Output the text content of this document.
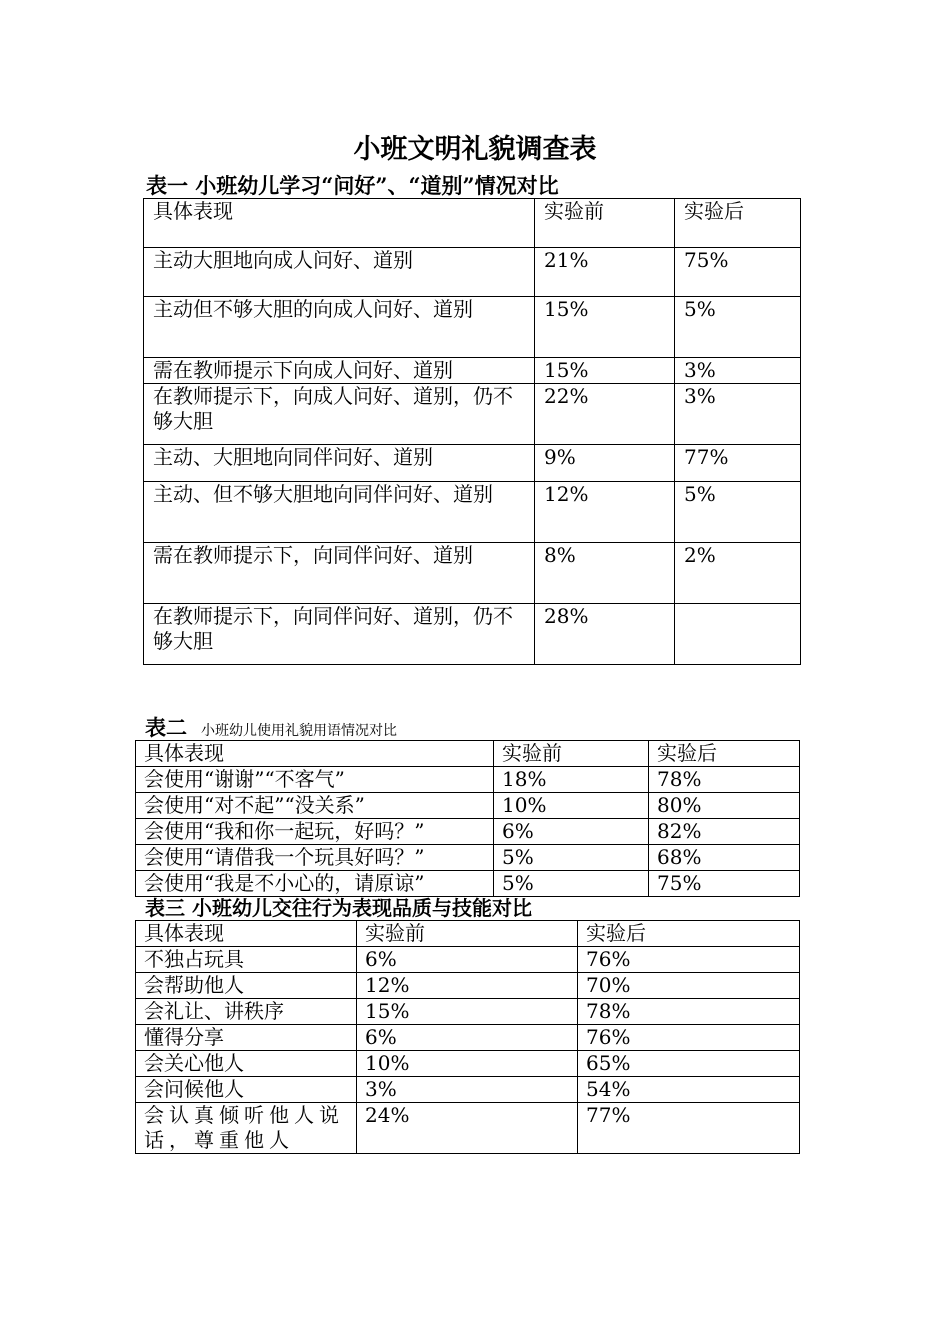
小班文明礼貌调查表
表一 小班幼儿学习“问好”、“道别”情况对比
具体表现	实验前	实验后
主动大胆地向成人问好、道别	21%	75%
主动但不够大胆的向成人问好、道别	15%	5%
需在教师提示下向成人问好、道别	15%	3%
在教师提示下，向成人问好、道别，仍不够大胆	22%	3%
主动、大胆地向同伴问好、道别	9%	77%
主动、但不够大胆地向同伴问好、道别	12%	5%
需在教师提示下，向同伴问好、道别	8%	2%
在教师提示下，向同伴问好、道别，仍不够大胆	28%	
表二 小班幼儿使用礼貌用语情况对比
具体表现	实验前	实验后
会使用“谢谢”“不客气”	18%	78%
会使用“对不起”“没关系”	10%	80%
会使用“我和你一起玩，好吗？”	6%	82%
会使用“请借我一个玩具好吗？”	5%	68%
会使用“我是不小心的，请原谅”	5%	75%
表三 小班幼儿交往行为表现品质与技能对比
具体表现	实验前	实验后
不独占玩具	6%	76%
会帮助他人	12%	70%
会礼让、讲秩序	15%	78%
懂得分享	6%	76%
会关心他人	10%	65%
会问候他人	3%	54%
会认真倾听他人说话，尊重他人	24%	77%
